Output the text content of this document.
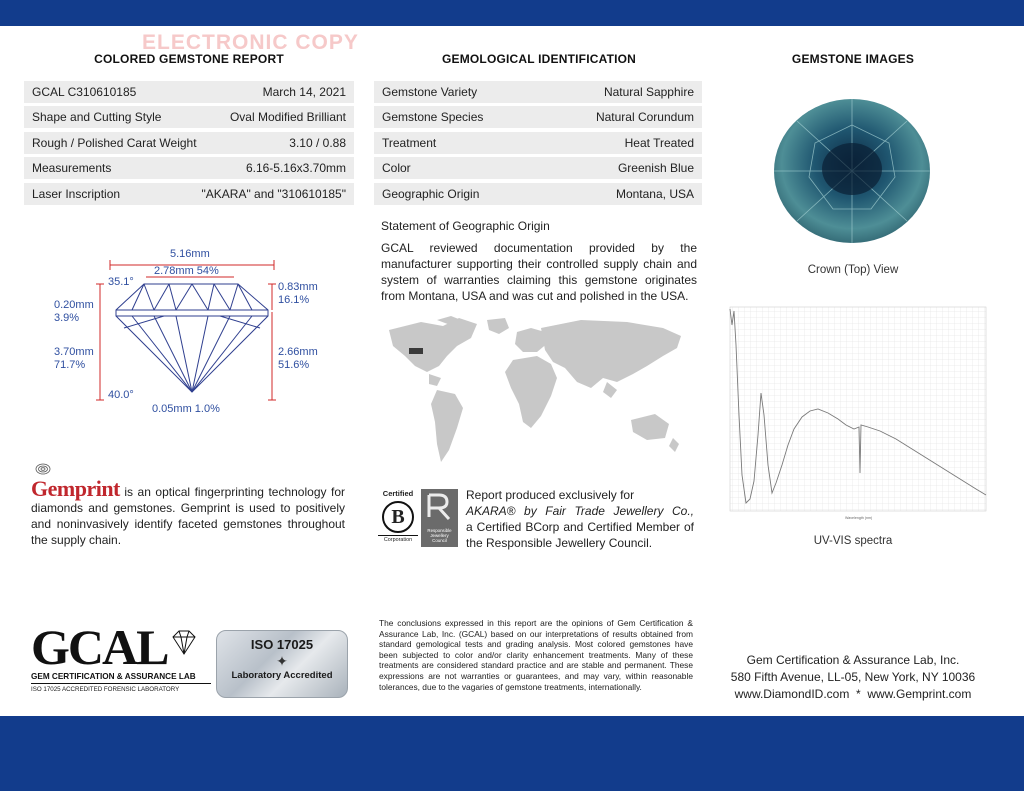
ELECTRONIC COPY
COLORED GEMSTONE REPORT	GEMOLOGICAL IDENTIFICATION	GEMSTONE IMAGES
GCAL C310610185	March 14, 2021
Shape and Cutting Style	Oval Modified Brilliant
Rough / Polished Carat Weight	3.10 / 0.88
Measurements	6.16-5.16x3.70mm
Laser Inscription	"AKARA" and "310610185"
Gemstone Variety	Natural Sapphire
Gemstone Species	Natural Corundum
Treatment	Heat Treated
Color	Greenish Blue
Geographic Origin	Montana, USA
5.16mm
2.78mm 54%
35.1°	0.83mm
16.1%
0.20mm
3.9%
3.70mm
71.7%
2.66mm
51.6%
40.0°
0.05mm 1.0%
Statement of Geographic Origin
GCAL reviewed documentation provided by the manufacturer supporting their controlled supply chain and system of warranties claiming this gemstone originates from Montana, USA and was cut and polished in the USA.
Crown (Top) View
Wavelength (nm)
UV-VIS spectra
Gemprint is an optical fingerprinting technology for diamonds and gemstones. Gemprint is used to positively and noninvasively identify faceted gemstones throughout the supply chain.
Certified
B
Corporation
Responsible Jewellery Council
Report produced exclusively for
AKARA® by Fair Trade Jewellery Co.,
a Certified BCorp and Certified Member of the Responsible Jewellery Council.
GCAL
GEM CERTIFICATION & ASSURANCE LAB
ISO 17025 ACCREDITED FORENSIC LABORATORY
ISO 17025
✦
Laboratory Accredited
The conclusions expressed in this report are the opinions of Gem Certification & Assurance Lab, Inc. (GCAL) based on our interpretations of results obtained from standard gemological tests and grading analysis. Most colored gemstones have been subjected to color and/or clarity enhancement treatments. Many of these treatments are considered standard practice and are stable and permanent. These expressions are not warranties or guarantees, and may vary, within reasonable tolerances, due to the vagaries of gemstone treatments, internationally.
Gem Certification & Assurance Lab, Inc.
580 Fifth Avenue, LL-05, New York, NY 10036
www.DiamondID.com  *  www.Gemprint.com
